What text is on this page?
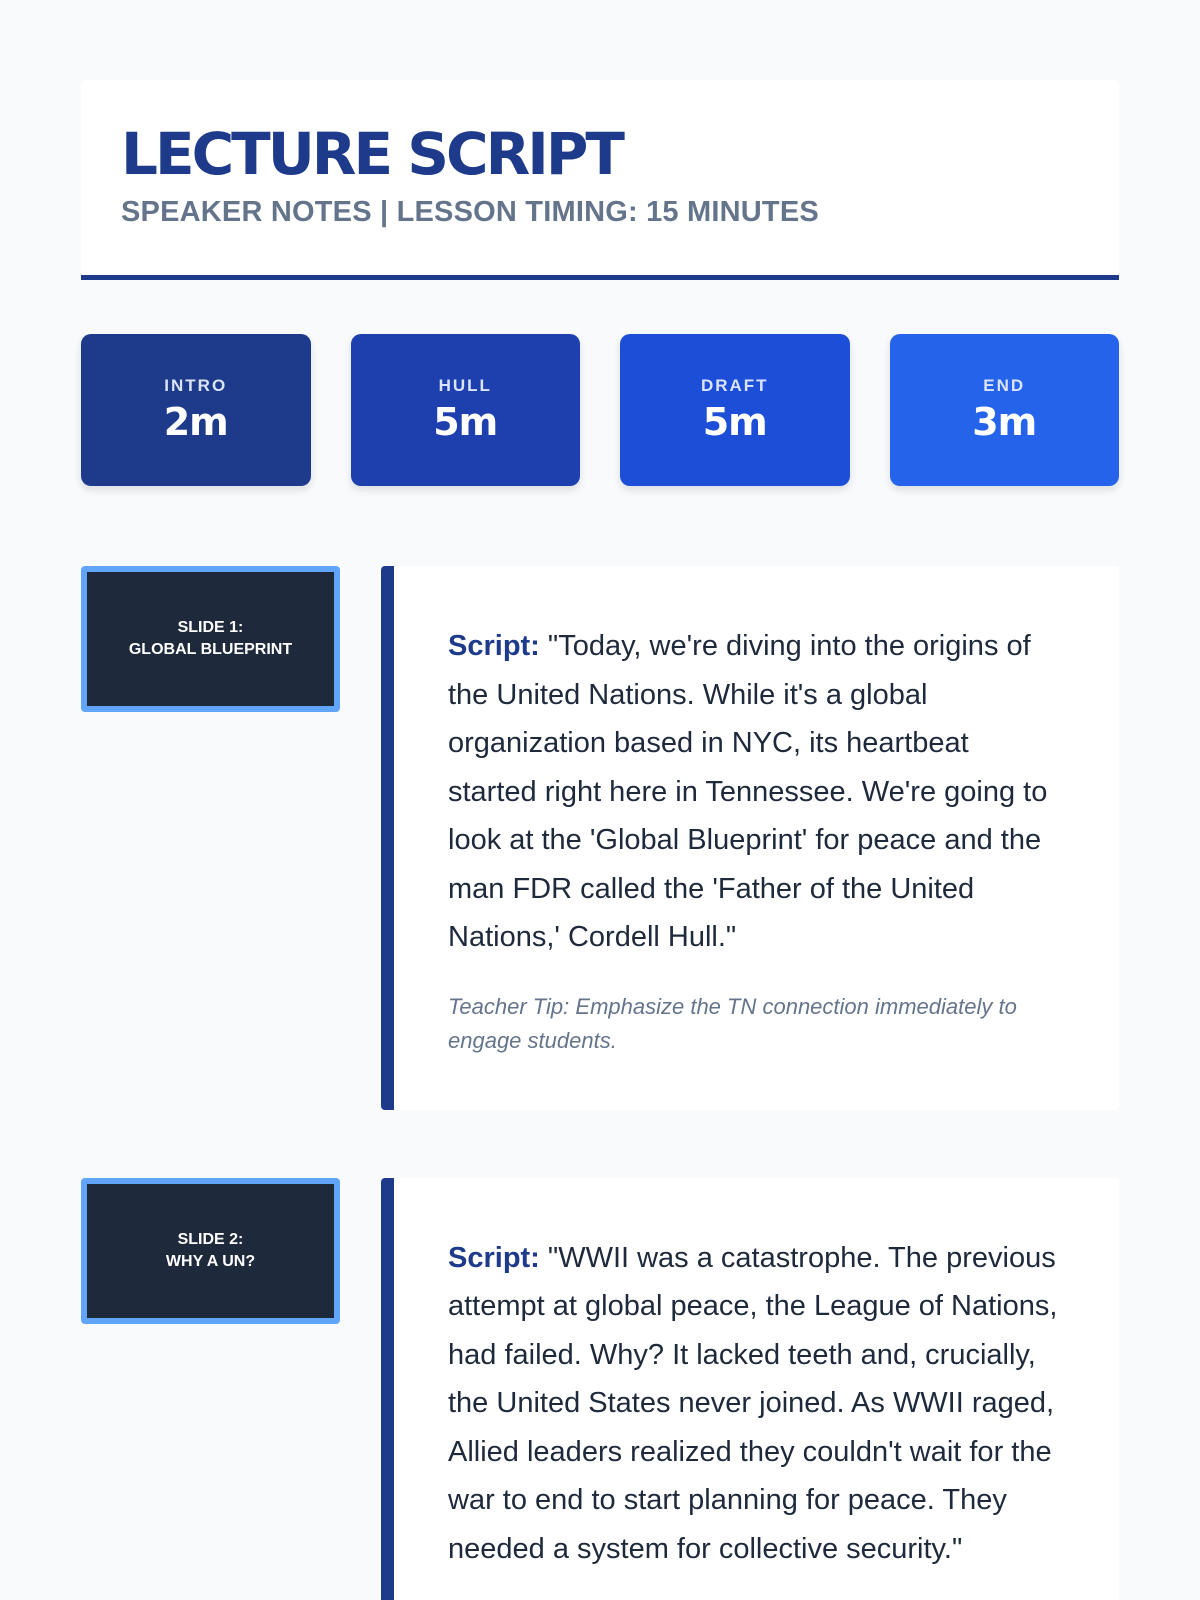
LECTURE SCRIPT
SPEAKER NOTES | LESSON TIMING: 15 MINUTES
INTRO
2m
HULL
5m
DRAFT
5m
END
3m
SLIDE 1:
GLOBAL BLUEPRINT	Script: "Today, we're diving into the origins of the United Nations. While it's a global organization based in NYC, its heartbeat started right here in Tennessee. We're going to look at the 'Global Blueprint' for peace and the man FDR called the 'Father of the United Nations,' Cordell Hull."

Teacher Tip: Emphasize the TN connection immediately to engage students.

SLIDE 2:
WHY A UN?	Script: "WWII was a catastrophe. The previous attempt at global peace, the League of Nations, had failed. Why? It lacked teeth and, crucially, the United States never joined. As WWII raged, Allied leaders realized they couldn't wait for the war to end to start planning for peace. They needed a system for collective security."
